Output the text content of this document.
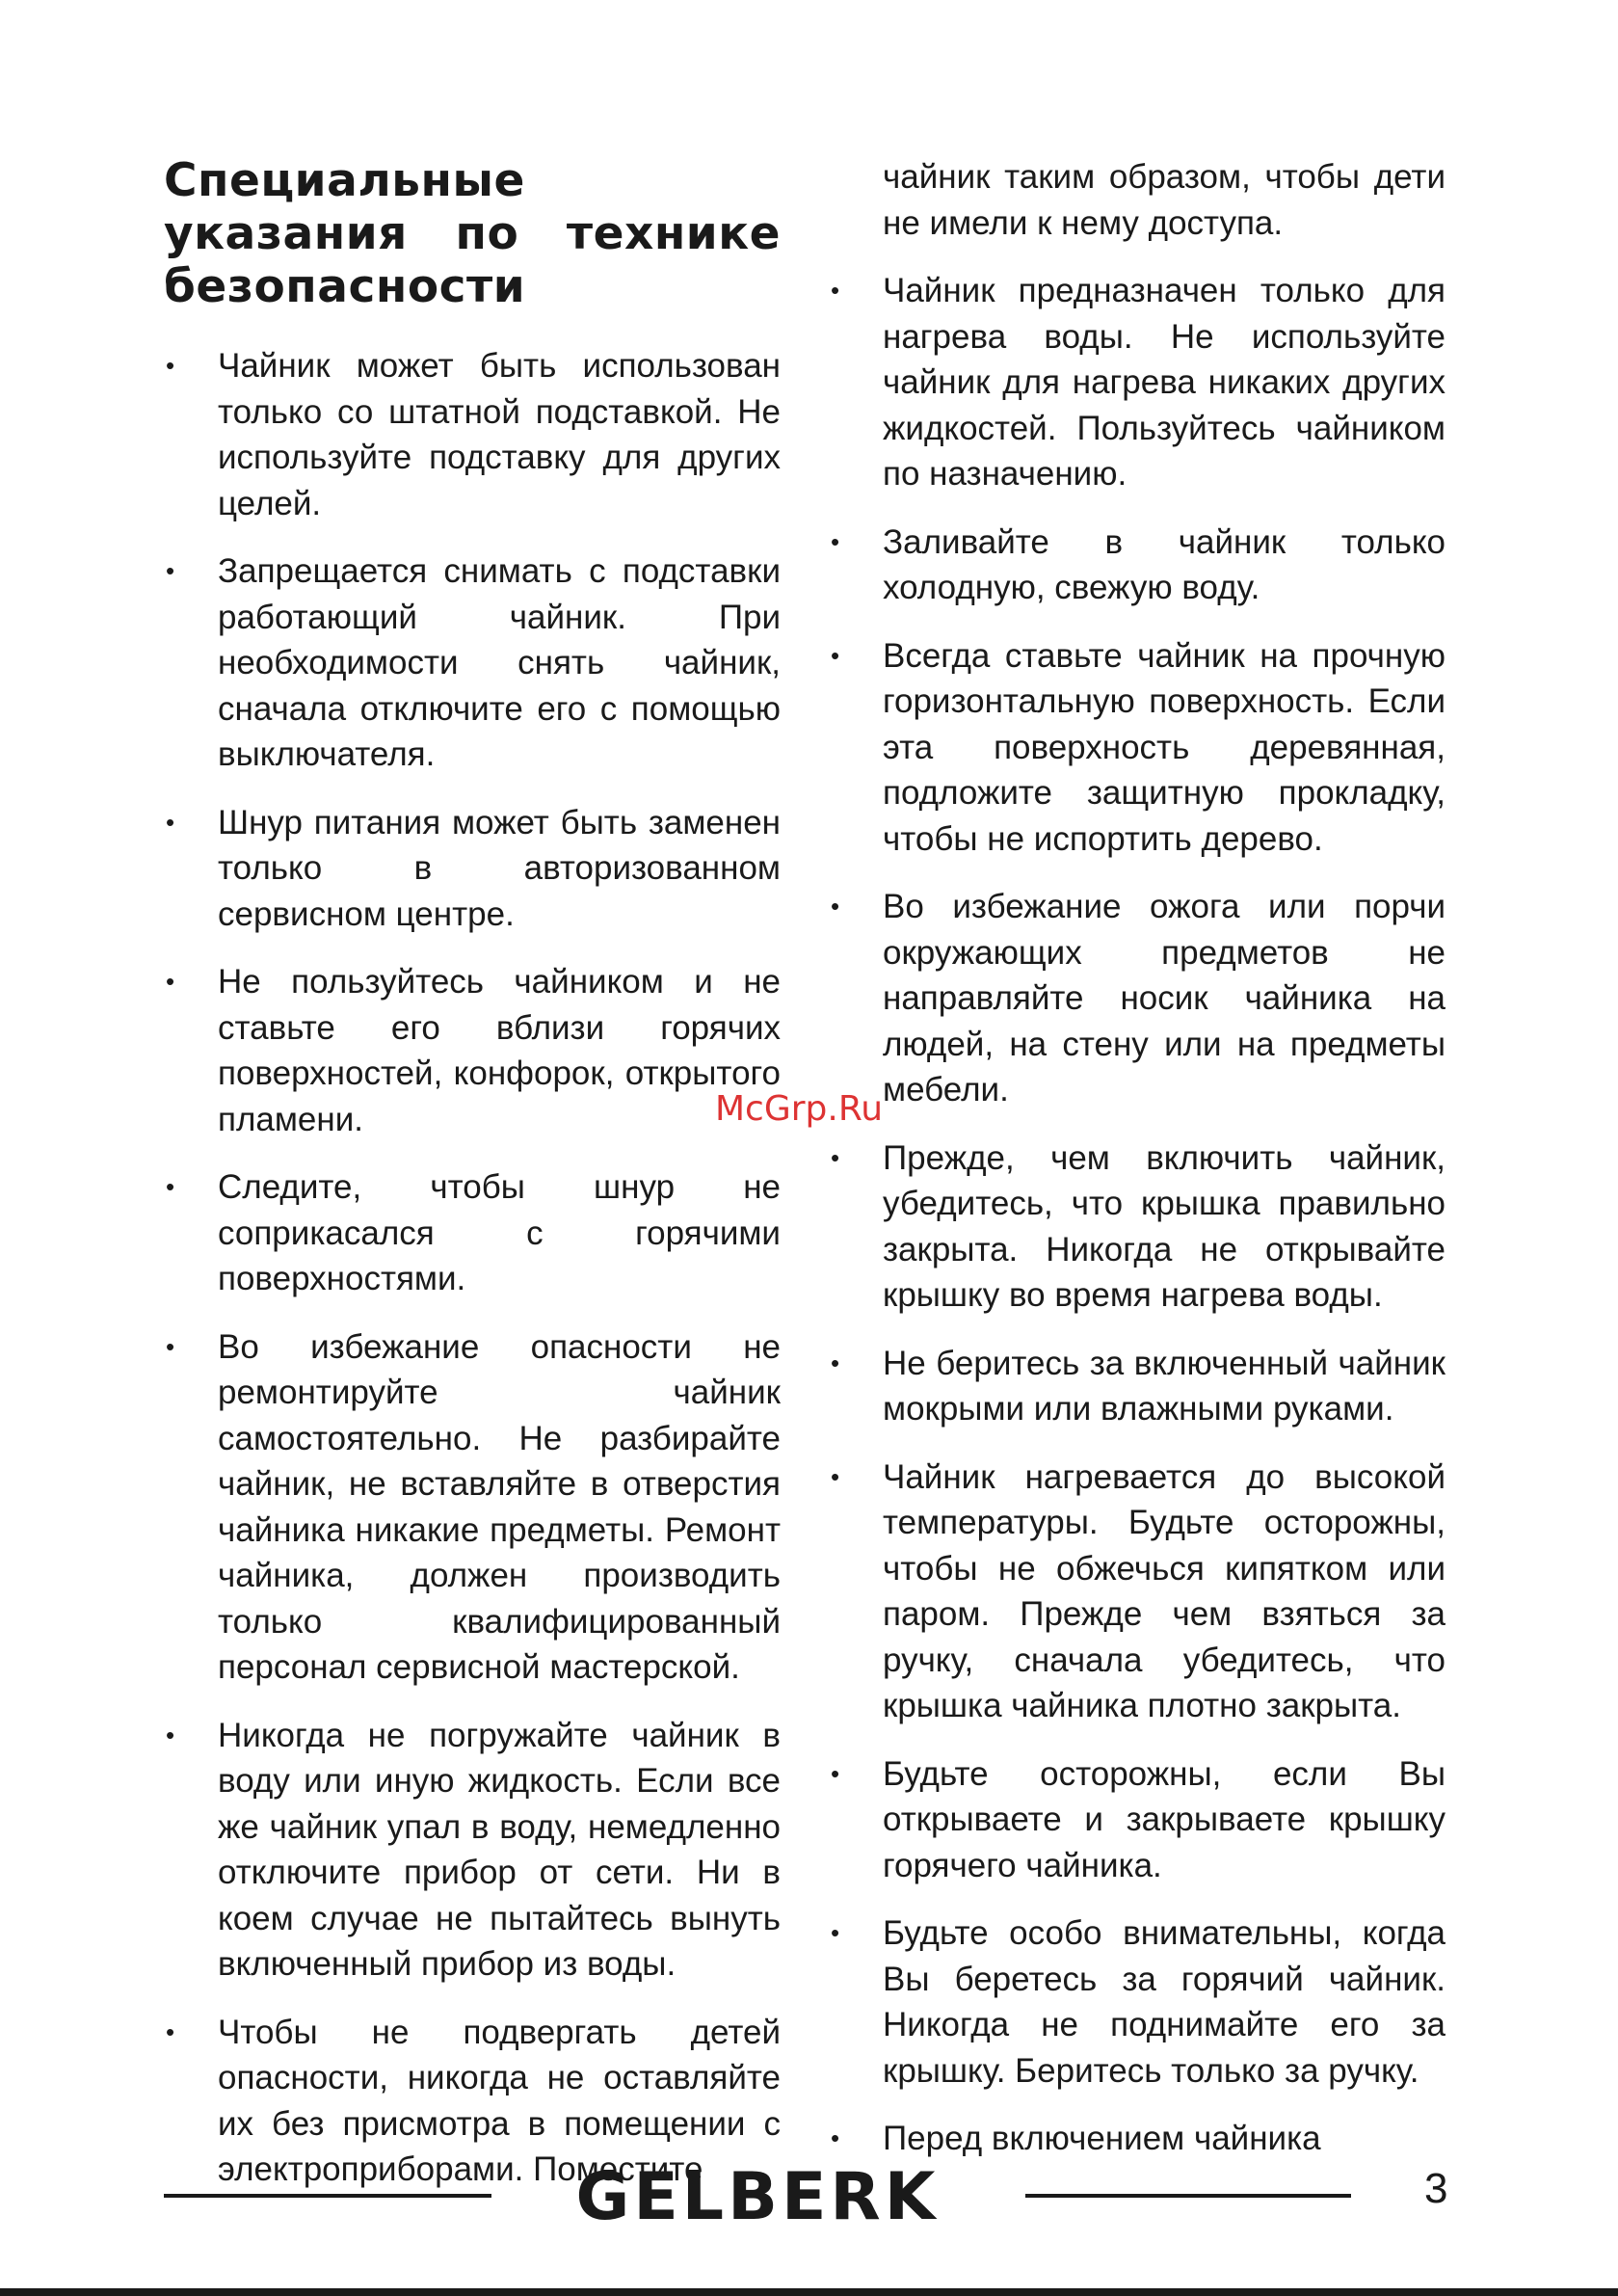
Специальные указания по технике безопасности
• Чайник может быть использован только со штатной подставкой. Не используйте подставку для других целей.
• Запрещается снимать с подставки работающий чайник. При необходимости снять чайник, сначала отключите его с помощью выключателя.
• Шнур питания может быть заменен только в авторизованном сервисном центре.
• Не пользуйтесь чайником и не ставьте его вблизи горячих поверхностей, конфорок, открытого пламени.
• Следите, чтобы шнур не соприкасался с горячими поверхностями.
• Во избежание опасности не ремонтируйте чайник самостоятельно. Не разбирайте чайник, не вставляйте в отверстия чайника никакие предметы. Ремонт чайника, должен производить только квалифицированный персонал сервисной мастерской.
• Никогда не погружайте чайник в воду или иную жидкость. Если все же чайник упал в воду, немедленно отключите прибор от сети. Ни в коем случае не пытайтесь вынуть включенный прибор из воды.
• Чтобы не подвергать детей опасности, никогда не оставляйте их без присмотра в помещении с электроприборами. Поместите
чайник таким образом, чтобы дети не имели к нему доступа.
• Чайник предназначен только для нагрева воды. Не используйте чайник для нагрева никаких других жидкостей. Пользуйтесь чайником по назначению.
• Заливайте в чайник только холодную, свежую воду.
• Всегда ставьте чайник на прочную горизонтальную поверхность. Если эта поверхность деревянная, подложите защитную прокладку, чтобы не испортить дерево.
• Во избежание ожога или порчи окружающих предметов не направляйте носик чайника на людей, на стену или на предметы мебели.
• Прежде, чем включить чайник, убедитесь, что крышка правильно закрыта. Никогда не открывайте крышку во время нагрева воды.
• Не беритесь за включенный чайник мокрыми или влажными руками.
• Чайник нагревается до высокой температуры. Будьте осторожны, чтобы не обжечься кипятком или паром. Прежде чем взяться за ручку, сначала убедитесь, что крышка чайника плотно закрыта.
• Будьте осторожны, если Вы открываете и закрываете крышку горячего чайника.
• Будьте особо внимательны, когда Вы беретесь за горячий чайник. Никогда не поднимайте его за крышку. Беритесь только за ручку.
• Перед включением чайника
McGrp.Ru
GELBERK	3
